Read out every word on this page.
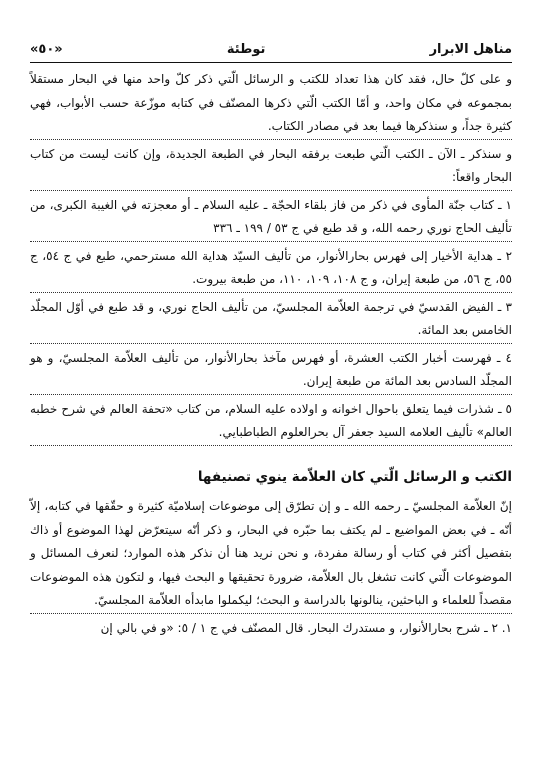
مناهل الابرار
توطئة
«٥٠»

و على كلّ حال، فقد كان هذا تعداد للكتب و الرسائل الّتي ذكر كلّ واحد منها في البحار مستقلاً بمجموعه في مكان واحد، و أمّا الكتب الّتي ذكرها المصنّف في كتابه موزّعة حسب الأبواب، فهي كثيرة جداً، و سنذكرها فيما بعد في مصادر الكتاب.

و سنذكر ـ الآن ـ الكتب الّتي طبعت برفقه البحار في الطبعة الجديدة، وإن كانت ليست من كتاب البحار واقعاً:

١ ـ كتاب جنّة المأوى في ذكر من فاز بلقاء الحجّة ـ عليه السلام ـ أو معجزته في الغيبة الكبرى، من تأليف الحاج نوري رحمه الله، و قد طبع في ج ٥٣ / ١٩٩ ـ ٣٣٦

٢ ـ هداية الأخيار إلى فهرس بحارالأنوار، من تأليف السيّد هداية الله مسترحمي، طبع في ج ٥٤، ج ٥٥، ج ٥٦، من طبعة إيران، و ج ١٠٨، ١٠٩، ١١٠، من طبعة بيروت.

٣ ـ الفيض القدسيّ في ترجمة العلاّمة المجلسيّ، من تأليف الحاج نوري، و قد طبع في أوّل المجلّد الخامس بعد المائة.

٤ ـ فهرست أخبار الكتب العشرة، أو فهرس مآخذ بحارالأنوار، من تأليف العلاّمة المجلسيّ، و هو المجلّد السادس بعد المائة من طبعة إيران.

٥ ـ شذرات فيما يتعلق باحوال اخوانه و اولاده عليه السلام، من كتاب «تحفة العالم في شرح خطبه العالم» تأليف العلامه السيد جعفر آل بحرالعلوم الطباطبايي.

الكتب و الرسائل الّتي كان العلاّمة ينوي تصنيفها

إنّ العلاّمة المجلسيّ ـ رحمه الله ـ و إن تطرّق إلى موضوعات إسلاميّة كثيرة و حقّقها في كتابه، إلاّ أنّه ـ في بعض المواضيع ـ لم يكتف بما حبّره في البحار، و ذكر أنّه سيتعرّض لهذا الموضوع أو ذاك بتفصيل أكثر في كتاب أو رسالة مفردة، و نحن نريد هنا أن نذكر هذه الموارد؛ لنعرف المسائل و الموضوعات الّتي كانت تشغل بال العلاّمة، ضرورة تحقيقها و البحث فيها، و لتكون هذه الموضوعات مقصداً للعلماء و الباحثين، ينالونها بالدراسة و البحث؛ ليكملوا مابدأه العلاّمة المجلسيّ.

١. ٢ ـ شرح بحارالأنوار، و مستدرك البحار. قال المصنّف في ج ١ / ٥: «و في بالي إن
